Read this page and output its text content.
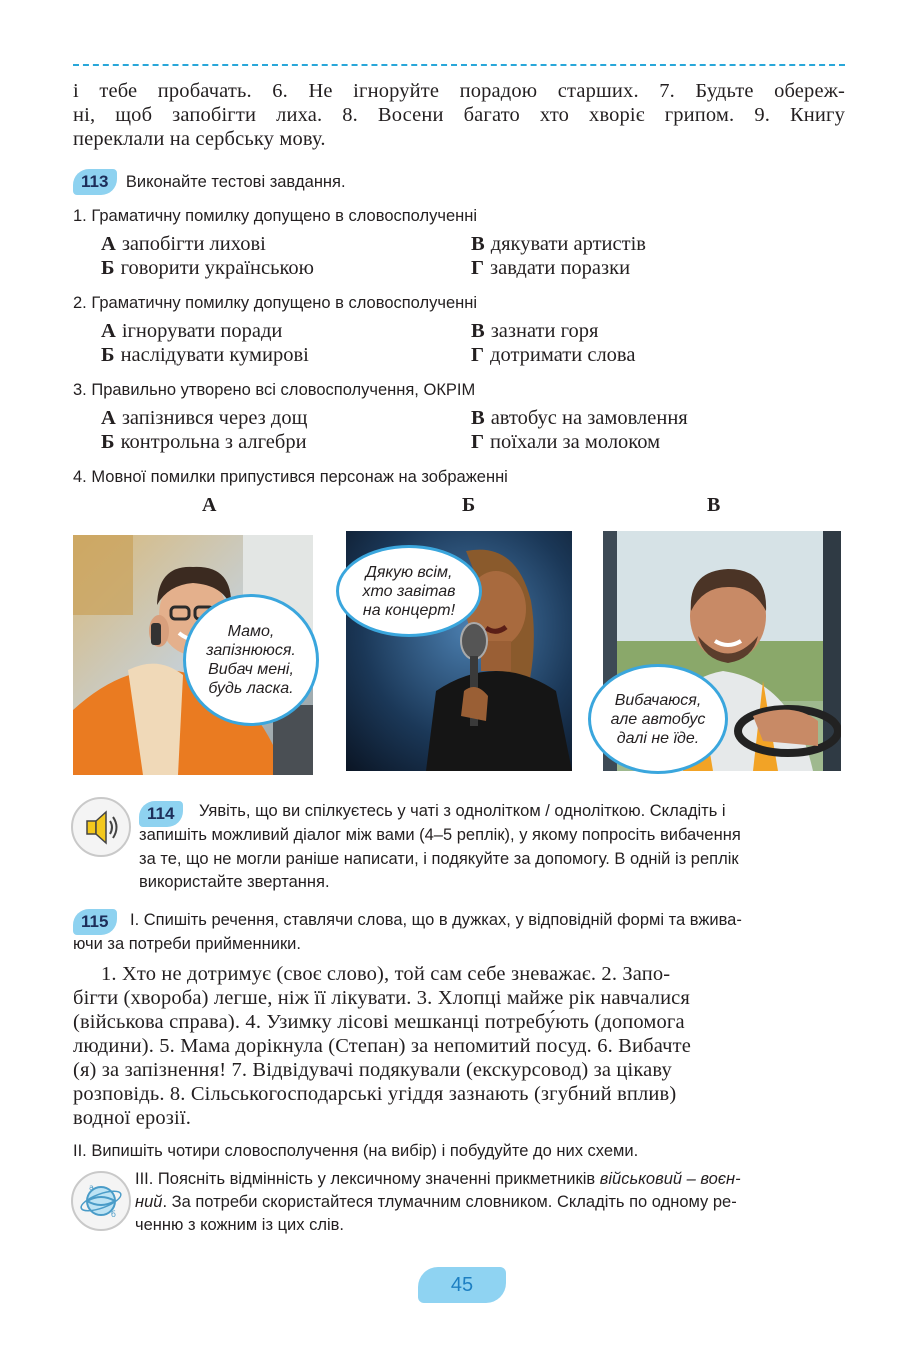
і тебе пробачать. 6. Не ігноруйте порадою старших. 7. Будьте обереж-
ні, щоб запобігти лиха. 8. Восени багато хто хворіє грипом. 9. Книгу
переклали на сербську мову.
113 Виконайте тестові завдання.
1. Граматичну помилку допущено в словосполученні
А запобігти лихові	В дякувати артистів
Б говорити українською	Г завдати поразки
2. Граматичну помилку допущено в словосполученні
А ігнорувати поради	В зазнати горя
Б наслідувати кумирові	Г дотримати слова
3. Правильно утворено всі словосполучення, ОКРІМ
А запізнився через дощ	В автобус на замовлення
Б контрольна з алгебри	Г поїхали за молоком
4. Мовної помилки припустився персонаж на зображенні
А	Б	В
Мамо,
запізнююся.
Вибач мені,
будь ласка.
Дякую всім,
хто завітав
на концерт!
Вибачаюся,
але автобус
далі не їде.
114	Уявіть, що ви спілкуєтесь у чаті з однолітком / одноліткою. Складіть і
запишіть можливий діалог між вами (4–5 реплік), у якому попросіть вибачення
за те, що не могли раніше написати, і подякуйте за допомогу. В одній із реплік
використайте звертання.
115	І. Спишіть речення, ставлячи слова, що в дужках, у відповідній формі та вжива-
ючи за потреби прийменники.
1. Хто не дотримує (своє слово), той сам себе зневажає. 2. Запо-
бігти (хвороба) легше, ніж її лікувати. 3. Хлопці майже рік навчалися
(військова справа). 4. Узимку лісові мешканці потребу́ють (допомога
людини). 5. Мама дорікнула (Степан) за непомитий посуд. 6. Вибачте
(я) за запізнення! 7. Відвідувачі подякували (екскурсовод) за цікаву
розповідь. 8. Сільськогосподарські угіддя зазнають (згубний вплив)
водної ерозії.
II. Випишіть чотири словосполучення (на вибір) і побудуйте до них схеми.
а
б
III. Поясніть відмінність у лексичному значенні прикметників військовий – воєн-
ний. За потреби скористайтеся тлумачним словником. Складіть по одному ре-
ченню з кожним із цих слів.
45
